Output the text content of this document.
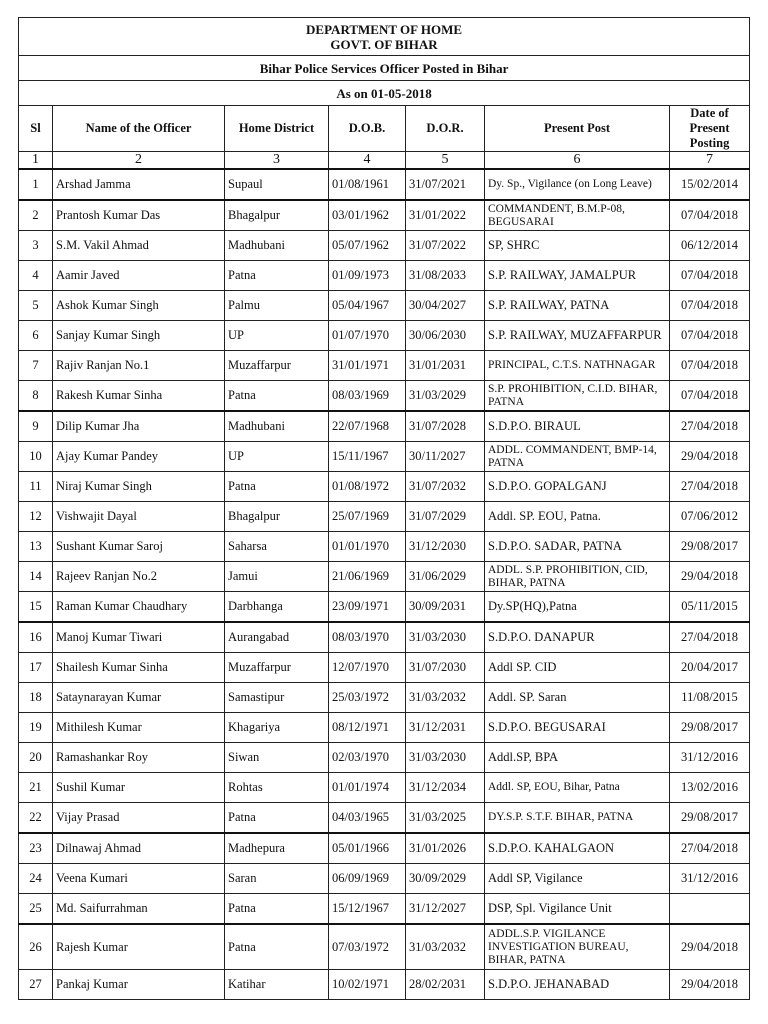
DEPARTMENT OF HOME
GOVT. OF BIHAR						

Bihar Police Services Officer Posted in Bihar						
As on 01-05-2018						
Sl	Name of the Officer	Home District	D.O.B.	D.O.R.	Present Post	Date of Present Posting
1	2	3	4	5	6	7
1	Arshad Jamma	Supaul	01/08/1961	31/07/2021	Dy. Sp., Vigilance (on Long Leave)	15/02/2014
2	Prantosh Kumar Das	Bhagalpur	03/01/1962	31/01/2022	COMMANDENT, B.M.P-08, BEGUSARAI	07/04/2018
3	S.M. Vakil Ahmad	Madhubani	05/07/1962	31/07/2022	SP, SHRC	06/12/2014
4	Aamir Javed	Patna	01/09/1973	31/08/2033	S.P. RAILWAY, JAMALPUR	07/04/2018
5	Ashok Kumar Singh	Palmu	05/04/1967	30/04/2027	S.P. RAILWAY, PATNA	07/04/2018
6	Sanjay Kumar Singh	UP	01/07/1970	30/06/2030	S.P. RAILWAY, MUZAFFARPUR	07/04/2018
7	Rajiv Ranjan No.1	Muzaffarpur	31/01/1971	31/01/2031	PRINCIPAL, C.T.S. NATHNAGAR	07/04/2018
8	Rakesh Kumar Sinha	Patna	08/03/1969	31/03/2029	S.P. PROHIBITION, C.I.D. BIHAR, PATNA	07/04/2018
9	Dilip Kumar Jha	Madhubani	22/07/1968	31/07/2028	S.D.P.O. BIRAUL	27/04/2018
10	Ajay Kumar Pandey	UP	15/11/1967	30/11/2027	ADDL. COMMANDENT, BMP-14, PATNA	29/04/2018
11	Niraj Kumar Singh	Patna	01/08/1972	31/07/2032	S.D.P.O. GOPALGANJ	27/04/2018
12	Vishwajit Dayal	Bhagalpur	25/07/1969	31/07/2029	Addl. SP. EOU, Patna.	07/06/2012
13	Sushant Kumar Saroj	Saharsa	01/01/1970	31/12/2030	S.D.P.O. SADAR, PATNA	29/08/2017
14	Rajeev Ranjan No.2	Jamui	21/06/1969	31/06/2029	ADDL. S.P. PROHIBITION, CID, BIHAR, PATNA	29/04/2018
15	Raman Kumar Chaudhary	Darbhanga	23/09/1971	30/09/2031	Dy.SP(HQ),Patna	05/11/2015
16	Manoj Kumar Tiwari	Aurangabad	08/03/1970	31/03/2030	S.D.P.O. DANAPUR	27/04/2018
17	Shailesh Kumar Sinha	Muzaffarpur	12/07/1970	31/07/2030	Addl SP. CID	20/04/2017
18	Sataynarayan Kumar	Samastipur	25/03/1972	31/03/2032	Addl. SP. Saran	11/08/2015
19	Mithilesh Kumar	Khagariya	08/12/1971	31/12/2031	S.D.P.O. BEGUSARAI	29/08/2017
20	Ramashankar Roy	Siwan	02/03/1970	31/03/2030	Addl.SP, BPA	31/12/2016
21	Sushil Kumar	Rohtas	01/01/1974	31/12/2034	Addl. SP, EOU, Bihar, Patna	13/02/2016
22	Vijay Prasad	Patna	04/03/1965	31/03/2025	DY.S.P. S.T.F. BIHAR, PATNA	29/08/2017
23	Dilnawaj Ahmad	Madhepura	05/01/1966	31/01/2026	S.D.P.O. KAHALGAON	27/04/2018
24	Veena Kumari	Saran	06/09/1969	30/09/2029	Addl SP, Vigilance	31/12/2016
25	Md. Saifurrahman	Patna	15/12/1967	31/12/2027	DSP, Spl. Vigilance Unit	
26	Rajesh Kumar	Patna	07/03/1972	31/03/2032	ADDL.S.P. VIGILANCE INVESTIGATION BUREAU, BIHAR, PATNA	29/04/2018
27	Pankaj Kumar	Katihar	10/02/1971	28/02/2031	S.D.P.O. JEHANABAD	29/04/2018
